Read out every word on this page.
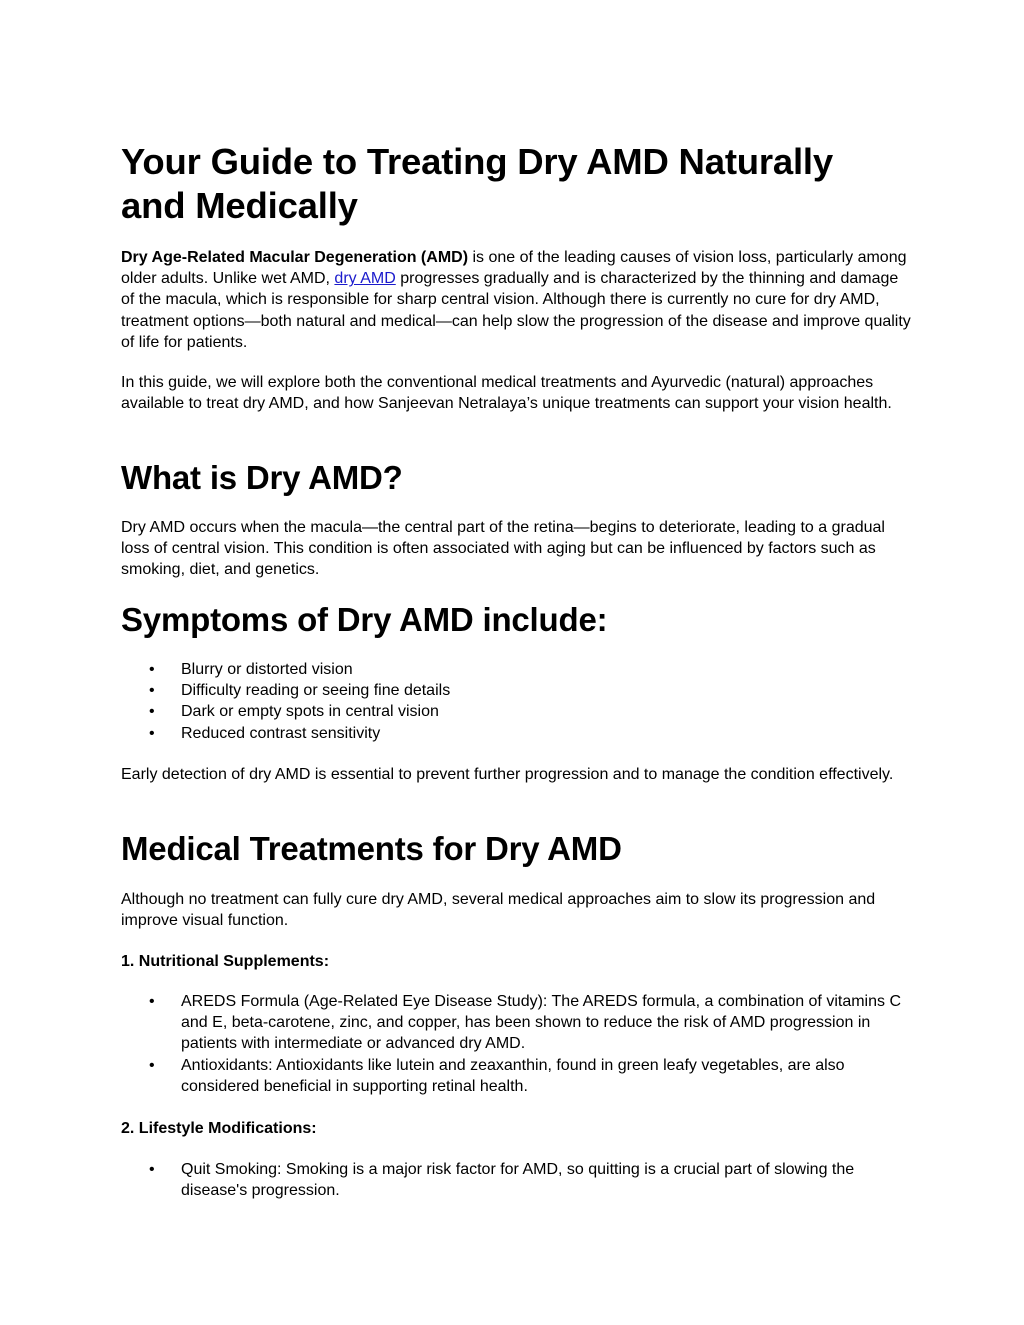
Your Guide to Treating Dry AMD Naturally and Medically

Dry Age-Related Macular Degeneration (AMD) is one of the leading causes of vision loss, particularly among older adults. Unlike wet AMD, dry AMD progresses gradually and is characterized by the thinning and damage of the macula, which is responsible for sharp central vision. Although there is currently no cure for dry AMD, treatment options—both natural and medical—can help slow the progression of the disease and improve quality of life for patients.

In this guide, we will explore both the conventional medical treatments and Ayurvedic (natural) approaches available to treat dry AMD, and how Sanjeevan Netralaya’s unique treatments can support your vision health.

What is Dry AMD?

Dry AMD occurs when the macula—the central part of the retina—begins to deteriorate, leading to a gradual loss of central vision. This condition is often associated with aging but can be influenced by factors such as smoking, diet, and genetics.

Symptoms of Dry AMD include:
• Blurry or distorted vision
• Difficulty reading or seeing fine details
• Dark or empty spots in central vision
• Reduced contrast sensitivity

Early detection of dry AMD is essential to prevent further progression and to manage the condition effectively.

Medical Treatments for Dry AMD

Although no treatment can fully cure dry AMD, several medical approaches aim to slow its progression and improve visual function.

1. Nutritional Supplements:

• AREDS Formula (Age-Related Eye Disease Study): The AREDS formula, a combination of vitamins C and E, beta-carotene, zinc, and copper, has been shown to reduce the risk of AMD progression in patients with intermediate or advanced dry AMD.
• Antioxidants: Antioxidants like lutein and zeaxanthin, found in green leafy vegetables, are also considered beneficial in supporting retinal health.

2. Lifestyle Modifications:

• Quit Smoking: Smoking is a major risk factor for AMD, so quitting is a crucial part of slowing the disease's progression.
